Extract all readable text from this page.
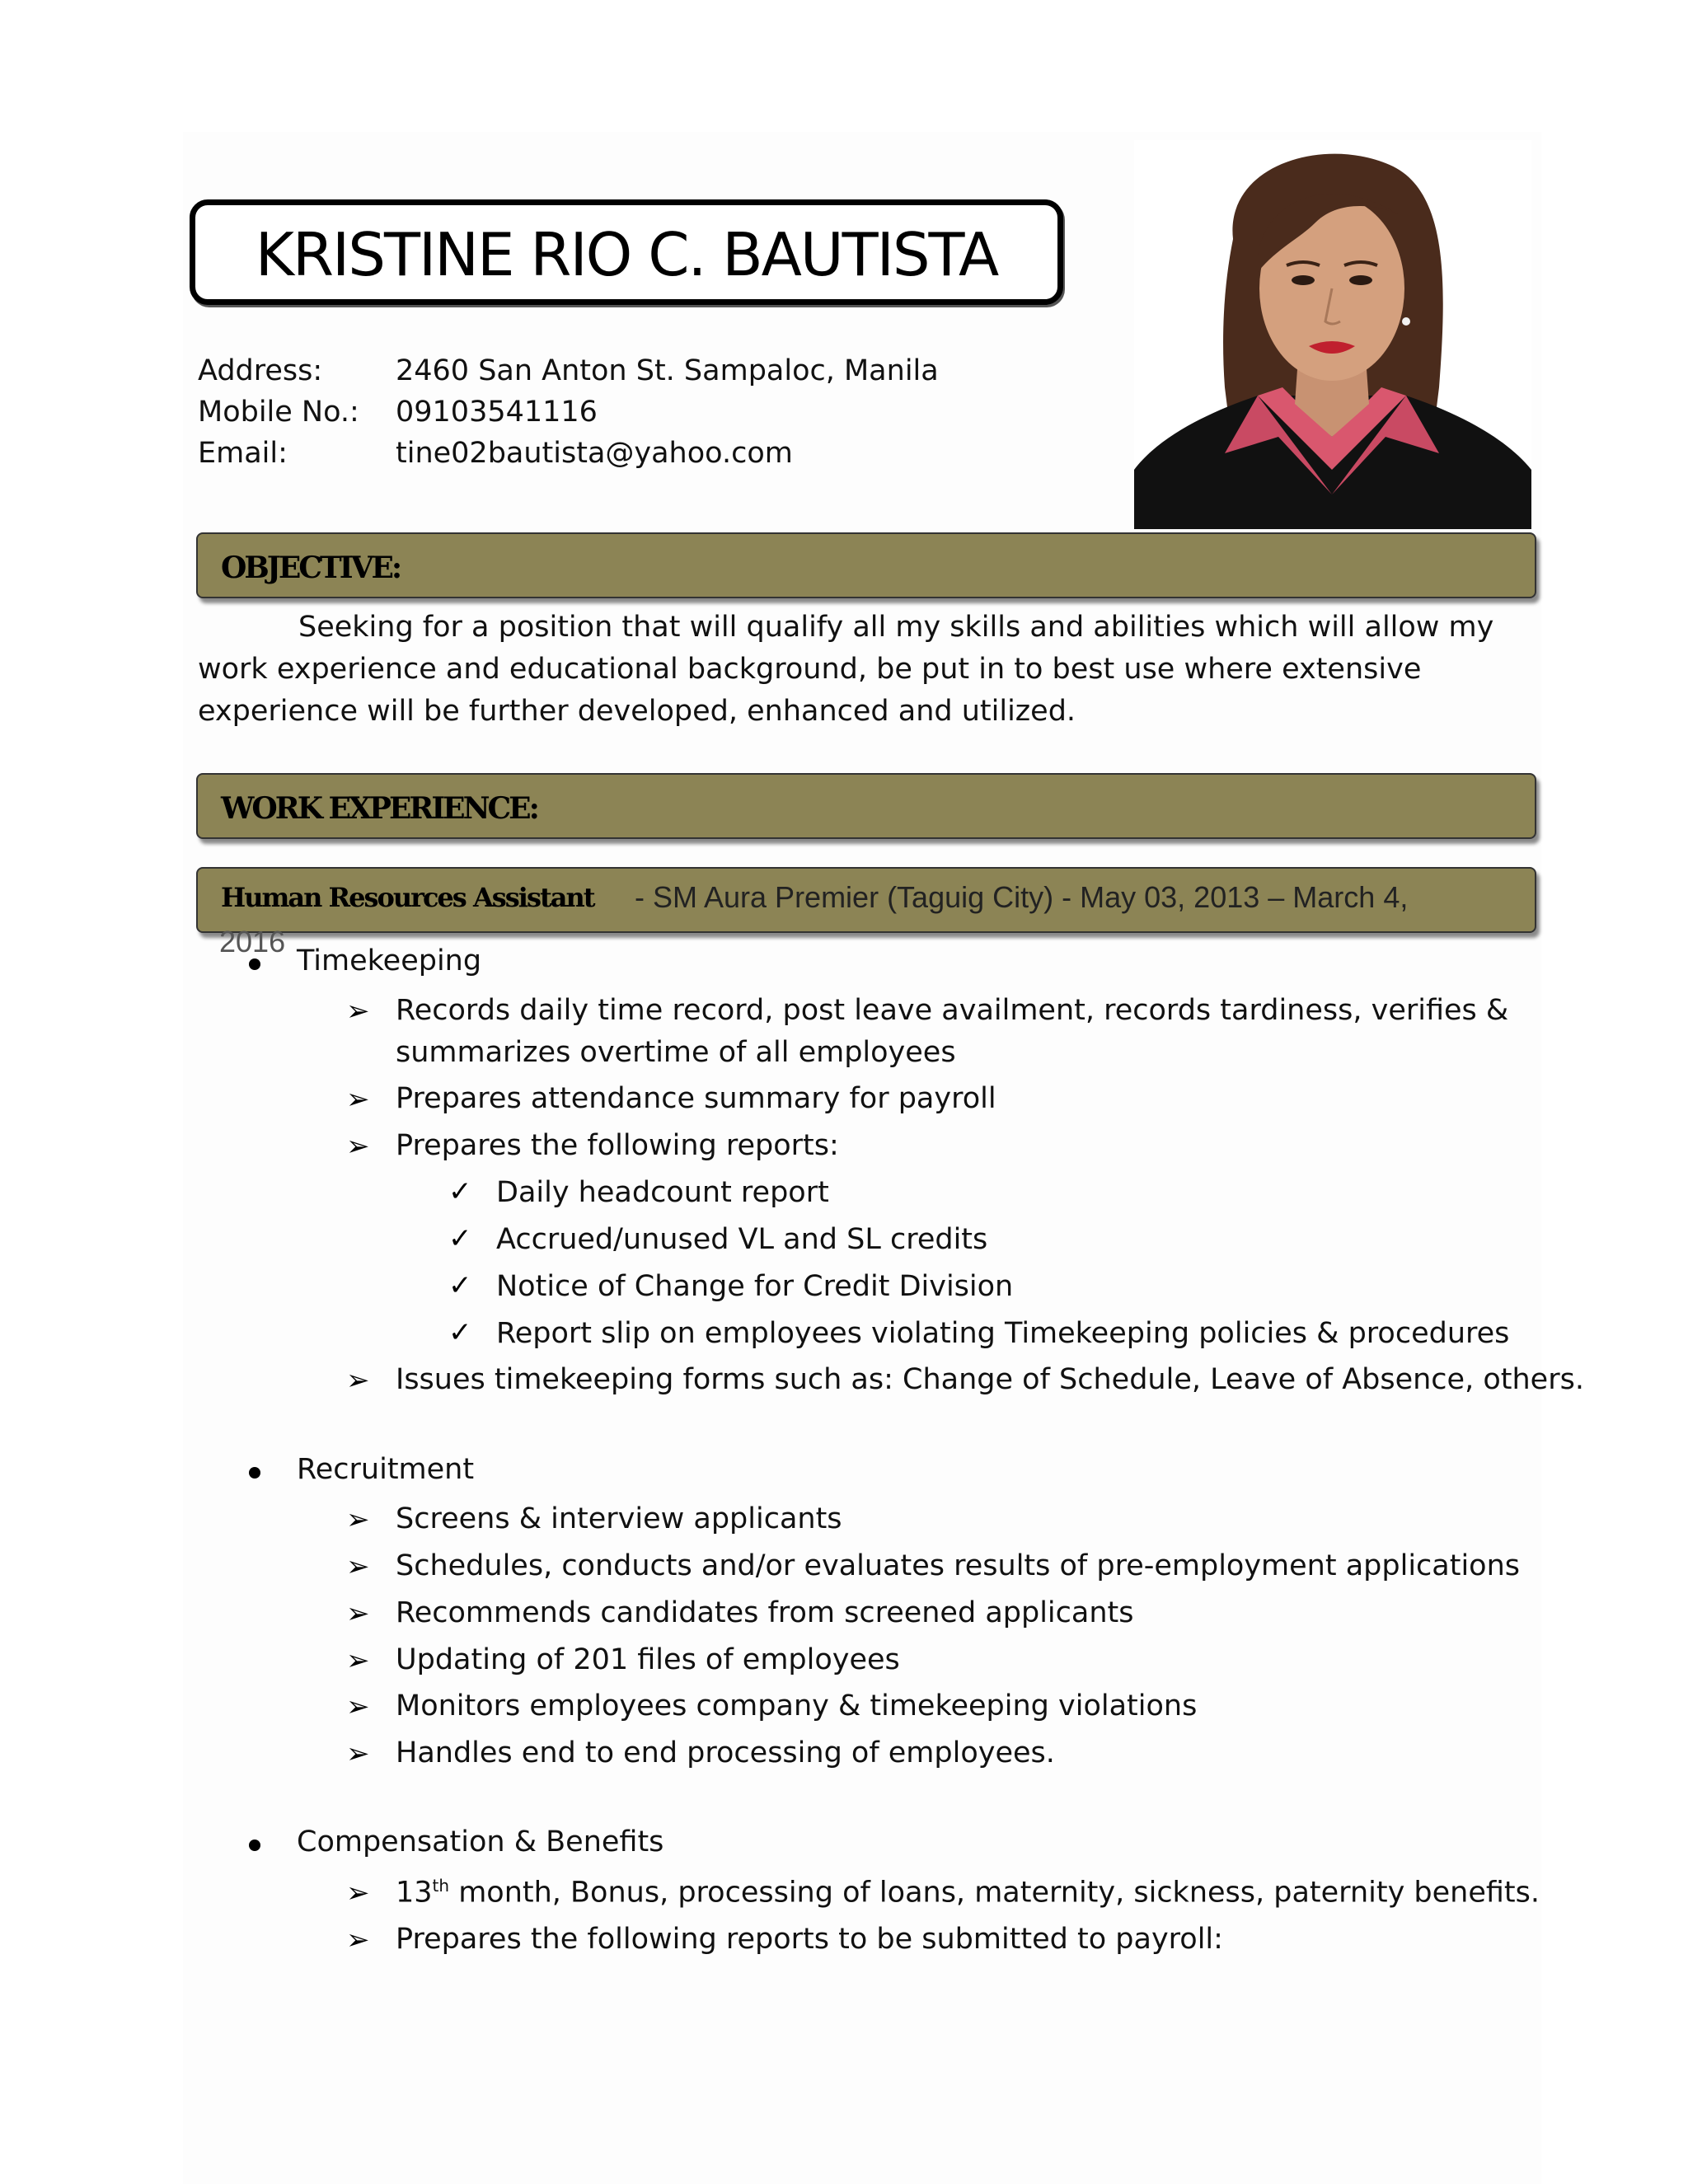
KRISTINE RIO C. BAUTISTA
Address:	2460 San Anton St. Sampaloc, Manila
Mobile No.: 09103541116
Email:	tine02bautista@yahoo.com
OBJECTIVE:
Seeking for a position that will qualify all my skills and abilities which will allow my
work experience and educational background, be put in to best use where extensive
experience will be further developed, enhanced and utilized.
WORK EXPERIENCE:
Human Resources Assistant - SM Aura Premier (Taguig City) - May 03, 2013 – March 4,
2016
Timekeeping
➢ Records daily time record, post leave availment, records tardiness, verifies &
summarizes overtime of all employees
➢ Prepares attendance summary for payroll
➢ Prepares the following reports:
✓ Daily headcount report
✓ Accrued/unused VL and SL credits
✓ Notice of Change for Credit Division
✓ Report slip on employees violating Timekeeping policies & procedures
➢ Issues timekeeping forms such as: Change of Schedule, Leave of Absence, others.
Recruitment
➢ Screens & interview applicants
➢ Schedules, conducts and/or evaluates results of pre-employment applications
➢ Recommends candidates from screened applicants
➢ Updating of 201 files of employees
➢ Monitors employees company & timekeeping violations
➢ Handles end to end processing of employees.
Compensation & Benefits
➢ 13th month, Bonus, processing of loans, maternity, sickness, paternity benefits.
➢ Prepares the following reports to be submitted to payroll:
